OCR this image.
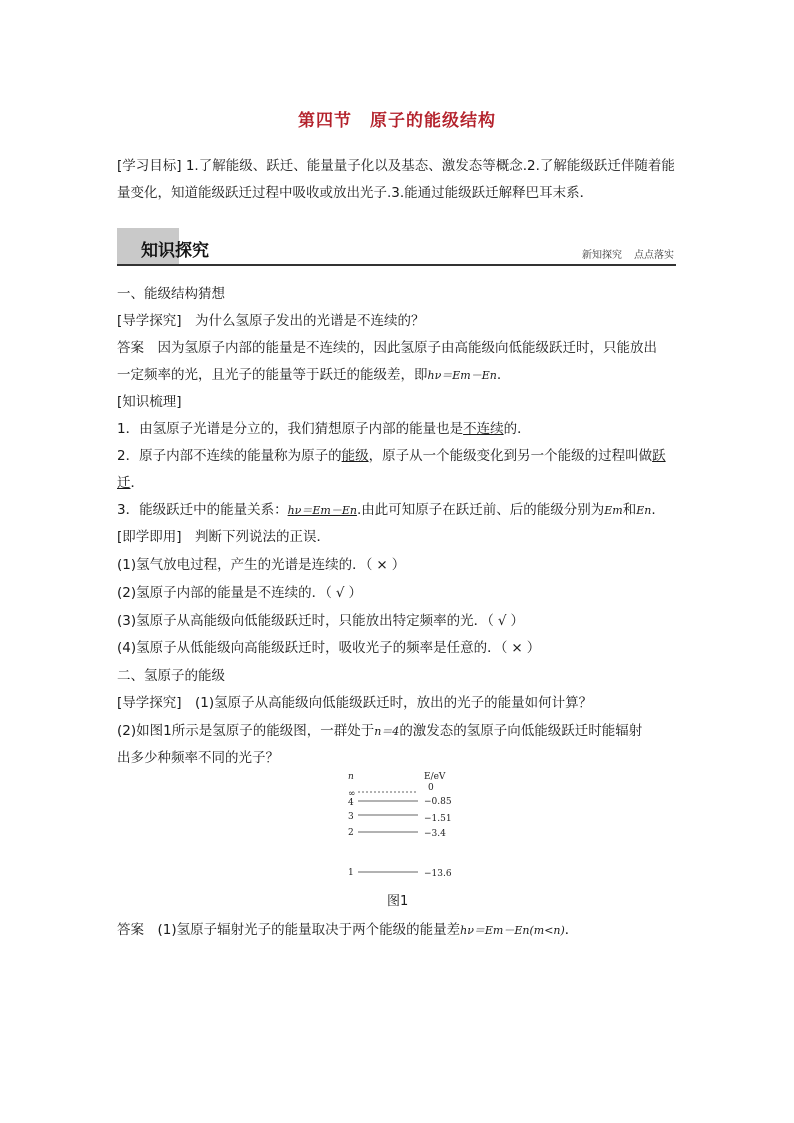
第四节 原子的能级结构
[学习目标] 1.了解能级、跃迁、能量量子化以及基态、激发态等概念.2.了解能级跃迁伴随着能量变化，知道能级跃迁过程中吸收或放出光子.3.能通过能级跃迁解释巴耳末系．
知识探究	新知探究 点点落实
一、能级结构猜想
[导学探究]　为什么氢原子发出的光谱是不连续的？
答案　因为氢原子内部的能量是不连续的，因此氢原子由高能级向低能级跃迁时，只能放出
一定频率的光，且光子的能量等于跃迁的能级差，即hν＝Em－En.
[知识梳理]
1．由氢原子光谱是分立的，我们猜想原子内部的能量也是不连续的．
2．原子内部不连续的能量称为原子的能级，原子从一个能级变化到另一个能级的过程叫做跃
迁．
3．能级跃迁中的能量关系：hν＝Em－En.由此可知原子在跃迁前、后的能级分别为Em和En.
[即学即用]　判断下列说法的正误．
(1)氢气放电过程，产生的光谱是连续的．（ × ）
(2)氢原子内部的能量是不连续的．（ √ ）
(3)氢原子从高能级向低能级跃迁时，只能放出特定频率的光．（ √ ）
(4)氢原子从低能级向高能级跃迁时，吸收光子的频率是任意的．（ × ）
二、氢原子的能级
[导学探究]　(1)氢原子从高能级向低能级跃迁时，放出的光子的能量如何计算？
(2)如图1所示是氢原子的能级图，一群处于n＝4的激发态的氢原子向低能级跃迁时能辐射
出多少种频率不同的光子？
n	E/eV
∞
0
4	−0.85
3	−1.51
2	−3.4
1	−13.6
图1
答案　(1)氢原子辐射光子的能量取决于两个能级的能量差hν＝Em－En(m<n)．
